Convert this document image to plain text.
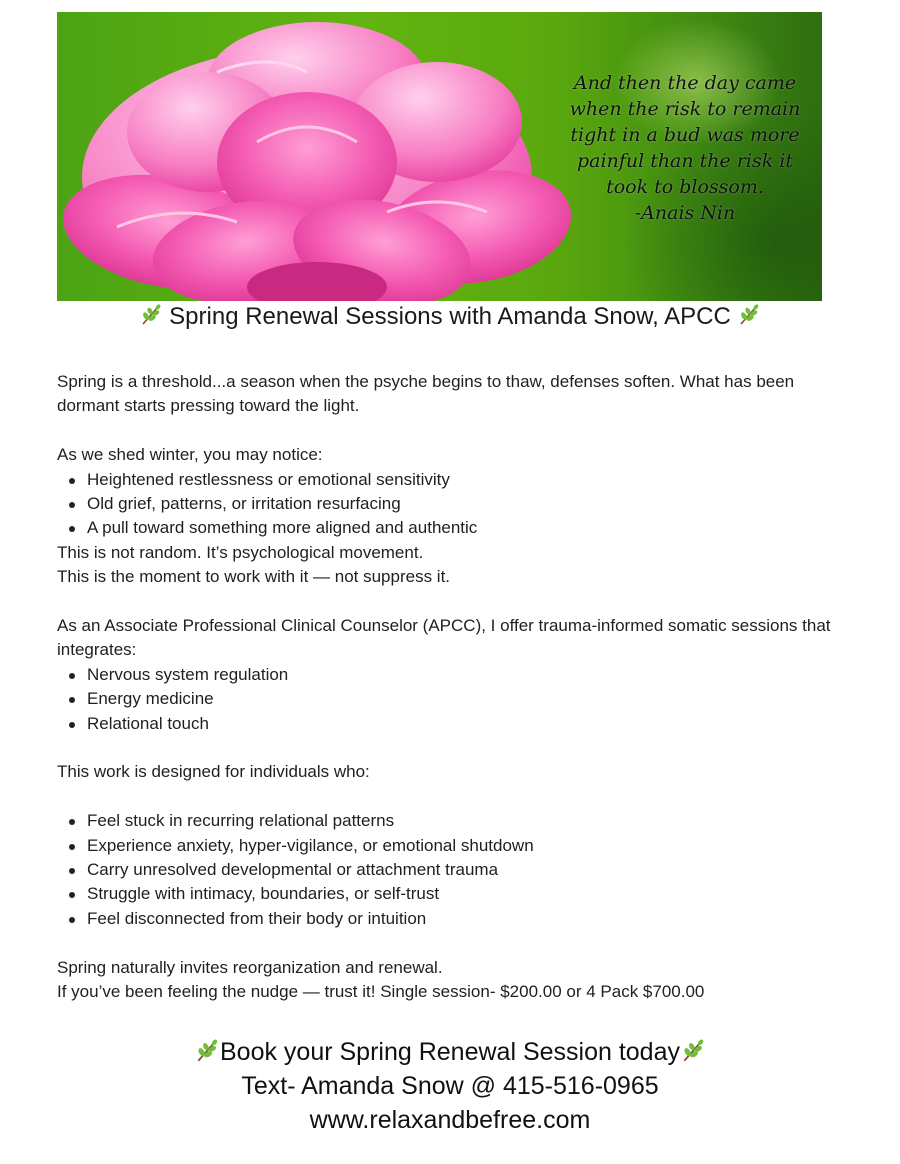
And then the day came
when the risk to remain
tight in a bud was more
painful than the risk it
took to blossom.
-Anais Nin
Spring Renewal Sessions with Amanda Snow, APCC

Spring is a threshold...a season when the psyche begins to thaw, defenses soften. What has been dormant starts pressing toward the light.

As we shed winter, you may notice:

Heightened restlessness or emotional sensitivity
Old grief, patterns, or irritation resurfacing
A pull toward something more aligned and authentic

This is not random. It’s psychological movement.

This is the moment to work with it — not suppress it.

As an Associate Professional Clinical Counselor (APCC), I offer trauma-informed somatic sessions that integrates:

Nervous system regulation
Energy medicine
Relational touch

This work is designed for individuals who:

Feel stuck in recurring relational patterns
Experience anxiety, hyper-vigilance, or emotional shutdown
Carry unresolved developmental or attachment trauma
Struggle with intimacy, boundaries, or self-trust
Feel disconnected from their body or intuition

Spring naturally invites reorganization and renewal.

If you’ve been feeling the nudge — trust it! Single session- $200.00 or 4 Pack $700.00

Book your Spring Renewal Session today
Text- Amanda Snow @ 415-516-0965
www.relaxandbefree.com
